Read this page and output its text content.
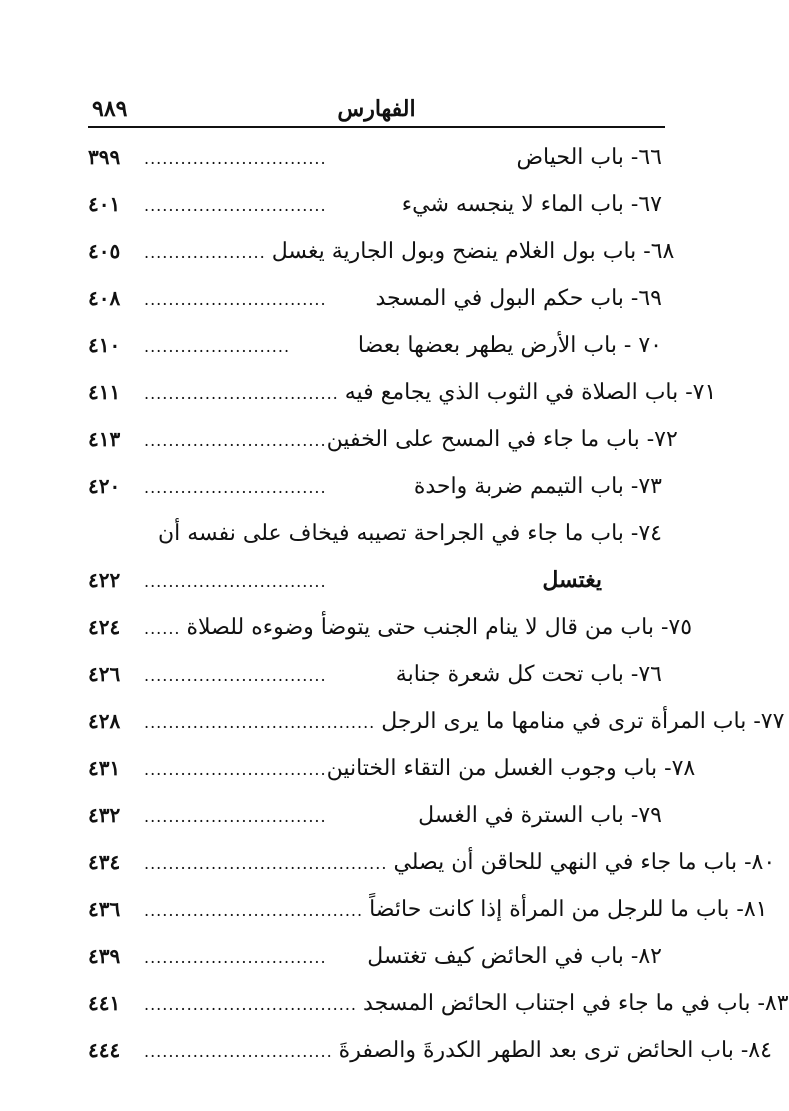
٩٨٩	الفهارس
٣٩٩	..............................	٦٦- باب الحياض
٤٠١	..............................	٦٧- باب الماء لا ينجسه شيء
٤٠٥	.................... ٦٨- باب بول الغلام ينضح وبول الجارية يغسل
٤٠٨	.............................. ٦٩- باب حكم البول في المسجد
٤١٠	........................	٧٠ - باب الأرض يطهر بعضها بعضا
٤١١	................................ ٧١- باب الصلاة في الثوب الذي يجامع فيه
٤١٣	.............................. ٧٢- باب ما جاء في المسح على الخفين
٤٢٠	..............................	٧٣- باب التيمم ضربة واحدة
٧٤- باب ما جاء في الجراحة تصيبه فيخاف على نفسه أن
٤٢٢	..............................	يغتسل
٤٢٤	...... ٧٥- باب من قال لا ينام الجنب حتى يتوضأ وضوءه للصلاة
٤٢٦	..............................	٧٦- باب تحت كل شعرة جنابة
٤٢٨	...................................... ٧٧- باب المرأة ترى في منامها ما يرى الرجل
٤٣١	.............................. ٧٨- باب وجوب الغسل من التقاء الختانين
٤٣٢	..............................	٧٩- باب السترة في الغسل
٤٣٤	........................................ ٨٠- باب ما جاء في النهي للحاقن أن يصلي
٤٣٦	.................................... ٨١- باب ما للرجل من المرأة إذا كانت حائضاً
٤٣٩	.............................. ٨٢- باب في الحائض كيف تغتسل
٤٤١	................................... ٨٣- باب في ما جاء في اجتناب الحائض المسجد
٤٤٤	............................... ٨٤- باب الحائض ترى بعد الطهر الكدرةَ والصفرةَ
